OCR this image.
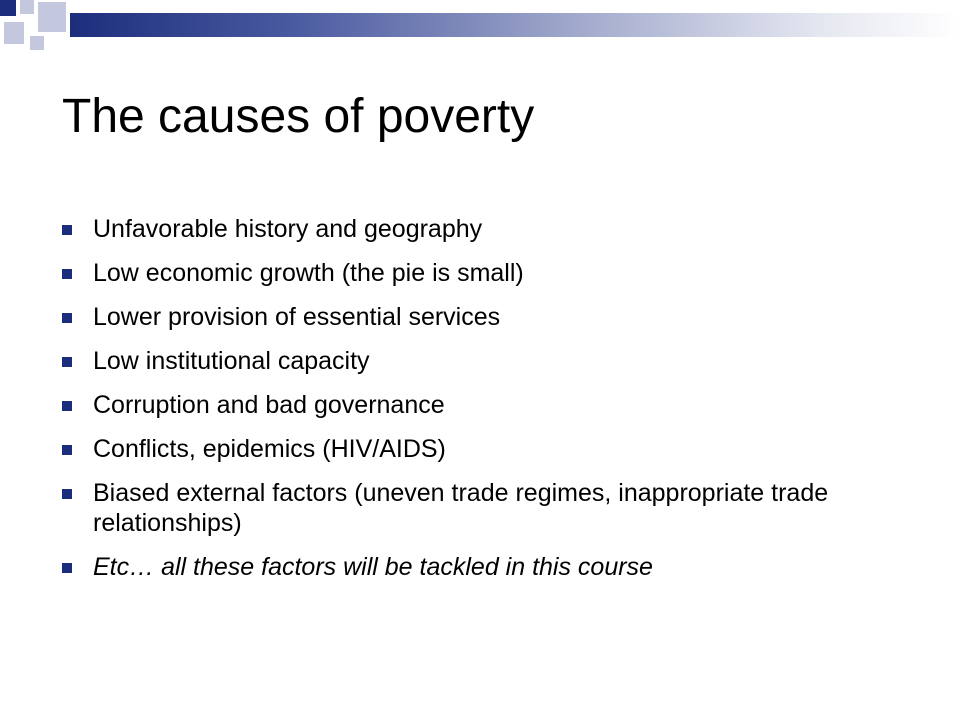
The causes of poverty
Unfavorable history and geography
Low economic growth (the pie is small)
Lower provision of essential services
Low institutional capacity
Corruption and bad governance
Conflicts, epidemics (HIV/AIDS)
Biased external factors (uneven trade regimes, inappropriate trade relationships)
Etc… all these factors will be tackled in this course
